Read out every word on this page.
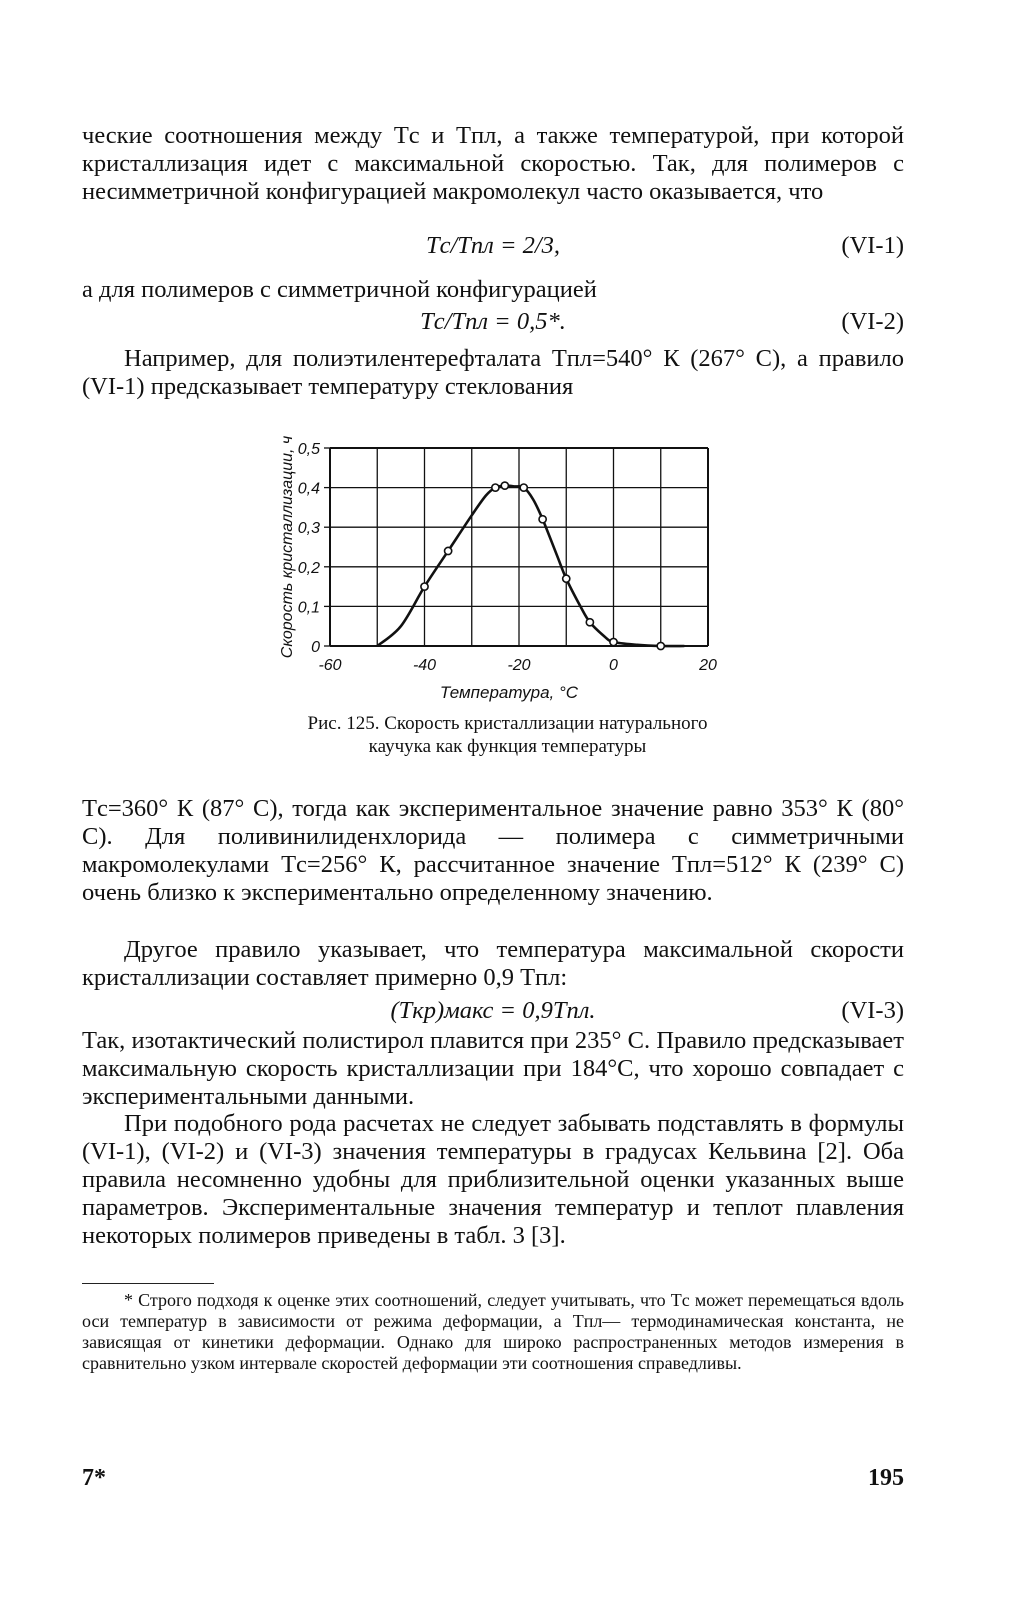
ческие соотношения между Tс и Tпл, а также температурой, при которой кристаллизация идет с максимальной скоростью. Так, для полимеров с несимметричной конфигурацией макромолекул часто оказывается, что

Tс/Tпл = 2/3,	(VI-1)

а для полимеров с симметричной конфигурацией

Tс/Tпл = 0,5*.	(VI-2)

Например, для полиэтилентерефталата Tпл=540° К (267° С), а правило (VI-1) предсказывает температуру стеклования

0
0,1
0,2
0,3
0,4
0,5
-60	-40	-20	0	20
Температура, °С
Скорость кристаллизации, ч
Рис. 125. Скорость кристаллизации натурального каучука как функция температуры

Tс=360° К (87° С), тогда как экспериментальное значение равно 353° К (80° С). Для поливинилиденхлорида — полимера с симметричными макромолекулами Tс=256° К, рассчитанное значение Tпл=512° К (239° С) очень близко к экспериментально определенному значению.

Другое правило указывает, что температура максимальной скорости кристаллизации составляет примерно 0,9 Tпл:

(Tкр)макс = 0,9Tпл.	(VI-3)

Так, изотактический полистирол плавится при 235° С. Правило предсказывает максимальную скорость кристаллизации при 184°С, что хорошо совпадает с экспериментальными данными.

При подобного рода расчетах не следует забывать подставлять в формулы (VI-1), (VI-2) и (VI-3) значения температуры в градусах Кельвина [2]. Оба правила несомненно удобны для приблизительной оценки указанных выше параметров. Экспериментальные значения температур и теплот плавления некоторых полимеров приведены в табл. 3 [3].

* Строго подходя к оценке этих соотношений, следует учитывать, что Tс может перемещаться вдоль оси температур в зависимости от режима деформации, а Tпл— термодинамическая константа, не зависящая от кинетики деформации. Однако для широко распространенных методов измерения в сравнительно узком интервале скоростей деформации эти соотношения справедливы.
7*	195
